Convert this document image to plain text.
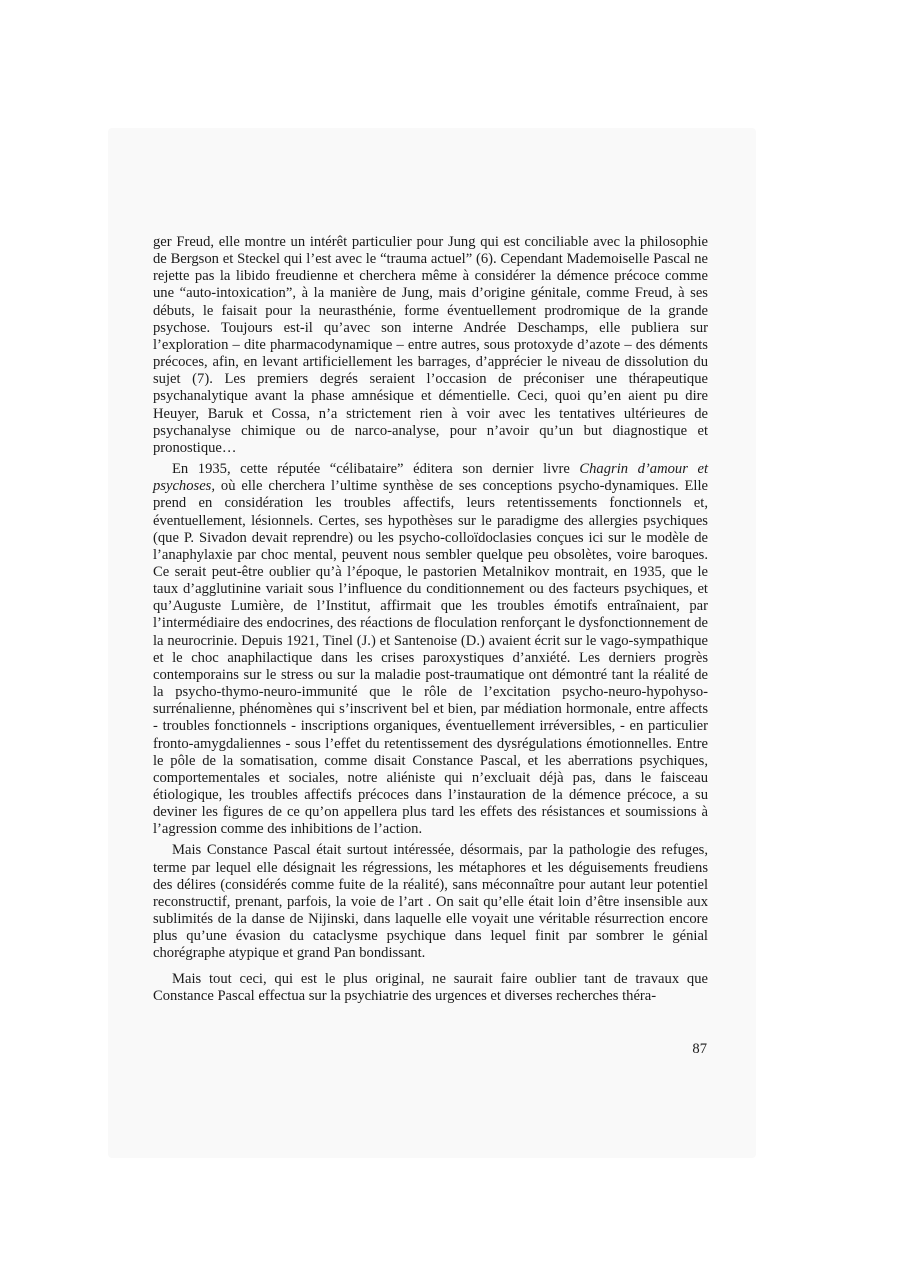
ger Freud, elle montre un intérêt particulier pour Jung qui est conciliable avec la philosophie de Bergson et Steckel qui l’est avec le “trauma actuel” (6). Cependant Mademoiselle Pascal ne rejette pas la libido freudienne et cherchera même à considérer la démence précoce comme une “auto-intoxication”, à la manière de Jung, mais d’origine génitale, comme Freud, à ses débuts, le faisait pour la neurasthénie, forme éventuellement prodromique de la grande psychose. Toujours est-il qu’avec son interne Andrée Deschamps, elle publiera sur l’exploration – dite pharmacodynamique – entre autres, sous protoxyde d’azote – des déments précoces, afin, en levant artificiellement les barrages, d’apprécier le niveau de dissolution du sujet (7). Les premiers degrés seraient l’occasion de préconiser une thérapeutique psychanalytique avant la phase amnésique et démentielle. Ceci, quoi qu’en aient pu dire Heuyer, Baruk et Cossa, n’a strictement rien à voir avec les tentatives ultérieures de psychanalyse chimique ou de narco-analyse, pour n’avoir qu’un but diagnostique et pronostique…

En 1935, cette réputée “célibataire” éditera son dernier livre Chagrin d’amour et psychoses, où elle cherchera l’ultime synthèse de ses conceptions psycho-dynamiques. Elle prend en considération les troubles affectifs, leurs retentissements fonctionnels et, éventuellement, lésionnels. Certes, ses hypothèses sur le paradigme des allergies psychiques (que P. Sivadon devait reprendre) ou les psycho-colloïdoclasies conçues ici sur le modèle de l’anaphylaxie par choc mental, peuvent nous sembler quelque peu obsolètes, voire baroques. Ce serait peut-être oublier qu’à l’époque, le pastorien Metalnikov montrait, en 1935, que le taux d’agglutinine variait sous l’influence du conditionnement ou des facteurs psychiques, et qu’Auguste Lumière, de l’Institut, affirmait que les troubles émotifs entraînaient, par l’intermédiaire des endocrines, des réactions de floculation renforçant le dysfonctionnement de la neurocrinie. Depuis 1921, Tinel (J.) et Santenoise (D.) avaient écrit sur le vago-sympathique et le choc anaphilactique dans les crises paroxystiques d’anxiété. Les derniers progrès contemporains sur le stress ou sur la maladie post-traumatique ont démontré tant la réalité de la psycho-thymo-neuro-immunité que le rôle de l’excitation psycho-neuro-hypohyso-surrénalienne, phénomènes qui s’inscrivent bel et bien, par médiation hormonale, entre affects - troubles fonctionnels - inscriptions organiques, éventuellement irréversibles, - en particulier fronto-amygdaliennes - sous l’effet du retentissement des dysrégulations émotionnelles. Entre le pôle de la somatisation, comme disait Constance Pascal, et les aberrations psychiques, comportementales et sociales, notre aliéniste qui n’excluait déjà pas, dans le faisceau étiologique, les troubles affectifs précoces dans l’instauration de la démence précoce, a su deviner les figures de ce qu’on appellera plus tard les effets des résistances et soumissions à l’agression comme des inhibitions de l’action.

Mais Constance Pascal était surtout intéressée, désormais, par la pathologie des refuges, terme par lequel elle désignait les régressions, les métaphores et les déguisements freudiens des délires (considérés comme fuite de la réalité), sans méconnaître pour autant leur potentiel reconstructif, prenant, parfois, la voie de l’art . On sait qu’elle était loin d’être insensible aux sublimités de la danse de Nijinski, dans laquelle elle voyait une véritable résurrection encore plus qu’une évasion du cataclysme psychique dans lequel finit par sombrer le génial chorégraphe atypique et grand Pan bondissant.

Mais tout ceci, qui est le plus original, ne saurait faire oublier tant de travaux que Constance Pascal effectua sur la psychiatrie des urgences et diverses recherches théra-

87
